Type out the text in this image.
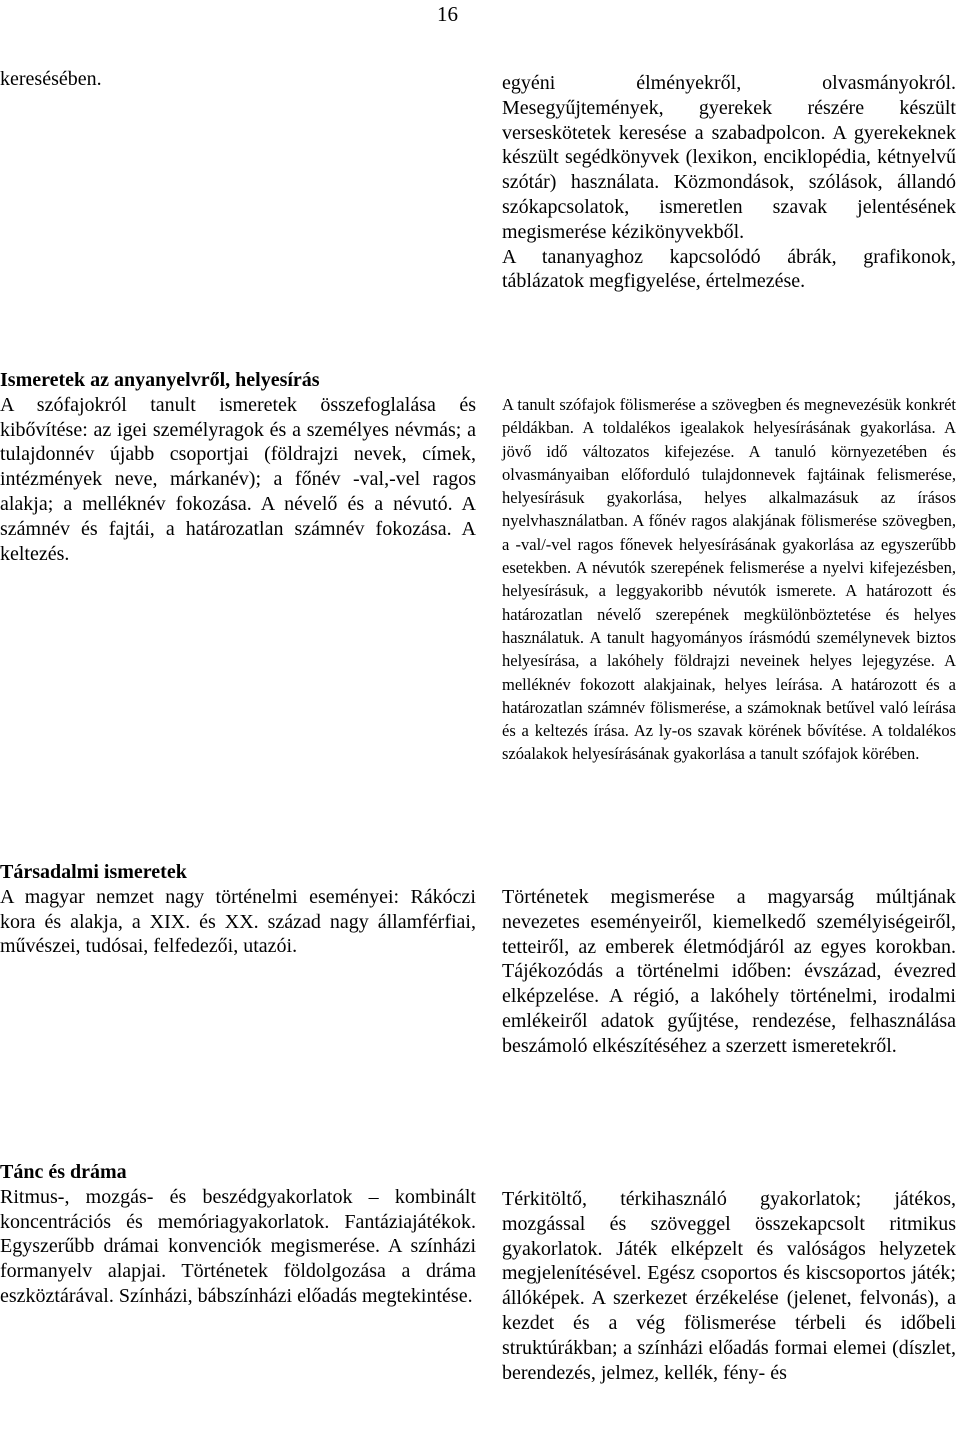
16

keresésében.	egyéni élményekről, olvasmányokról. Mesegyűjtemények, gyerekek részére készült verseskötetek keresése a szabadpolcon. A gyerekeknek készült segédkönyvek (lexikon, enciklopédia, kétnyelvű szótár) használata. Közmondások, szólások, állandó szókapcsolatok, ismeretlen szavak jelentésének megismerése kézikönyvekből.
A tananyaghoz kapcsolódó ábrák, grafikonok, táblázatok megfigyelése, értelmezése.
Ismeretek az anyanyelvről, helyesírás
A szófajokról tanult ismeretek összefoglalása és kibővítése: az igei személyragok és a személyes névmás; a tulajdonnév újabb csoportjai (földrajzi nevek, címek, intézmények neve, márkanév); a főnév -val,-vel ragos alakja; a melléknév fokozása. A névelő és a névutó. A számnév és fajtái, a határozatlan számnév fokozása. A keltezés.
A tanult szófajok fölismerése a szövegben és megnevezésük konkrét példákban. A toldalékos igealakok helyesírásának gyakorlása. A jövő idő változatos kifejezése. A tanuló környezetében és olvasmányaiban előforduló tulajdonnevek fajtáinak felismerése, helyesírásuk gyakorlása, helyes alkalmazásuk az írásos nyelvhasználatban. A főnév ragos alakjának fölismerése szövegben, a -val/-vel ragos főnevek helyesírásának gyakorlása az egyszerűbb esetekben. A névutók szerepének felismerése a nyelvi kifejezésben, helyesírásuk, a leggyakoribb névutók ismerete. A határozott és határozatlan névelő szerepének megkülönböztetése és helyes használatuk. A tanult hagyományos írásmódú személynevek biztos helyesírása, a lakóhely földrajzi neveinek helyes lejegyzése. A melléknév fokozott alakjainak, helyes leírása. A határozott és a határozatlan számnév fölismerése, a számoknak betűvel való leírása és a keltezés írása. Az ly-os szavak körének bővítése. A toldalékos szóalakok helyesírásának gyakorlása a tanult szófajok körében.
Társadalmi ismeretek
A magyar nemzet nagy történelmi eseményei: Rákóczi kora és alakja, a XIX. és XX. század nagy államférfiai, művészei, tudósai, felfedezői, utazói.
Történetek megismerése a magyarság múltjának nevezetes eseményeiről, kiemelkedő személyiségeiről, tetteiről, az emberek életmódjáról az egyes korokban. Tájékozódás a történelmi időben: évszázad, évezred elképzelése. A régió, a lakóhely történelmi, irodalmi emlékeiről adatok gyűjtése, rendezése, felhasználása beszámoló elkészítéséhez a szerzett ismeretekről.
Tánc és dráma
Ritmus-, mozgás- és beszédgyakorlatok – kombinált koncentrációs és memóriagyakorlatok. Fantáziajátékok. Egyszerűbb drámai konvenciók megismerése. A színházi formanyelv alapjai. Történetek földolgozása a dráma eszköztárával. Színházi, bábszínházi előadás megtekintése.
Térkitöltő, térkihasználó gyakorlatok; játékos, mozgással és szöveggel összekapcsolt ritmikus gyakorlatok. Játék elképzelt és valóságos helyzetek megjelenítésével. Egész csoportos és kiscsoportos játék; állóképek. A szerkezet érzékelése (jelenet, felvonás), a kezdet és a vég fölismerése térbeli és időbeli struktúrákban; a színházi előadás formai elemei (díszlet, berendezés, jelmez, kellék, fény- és
